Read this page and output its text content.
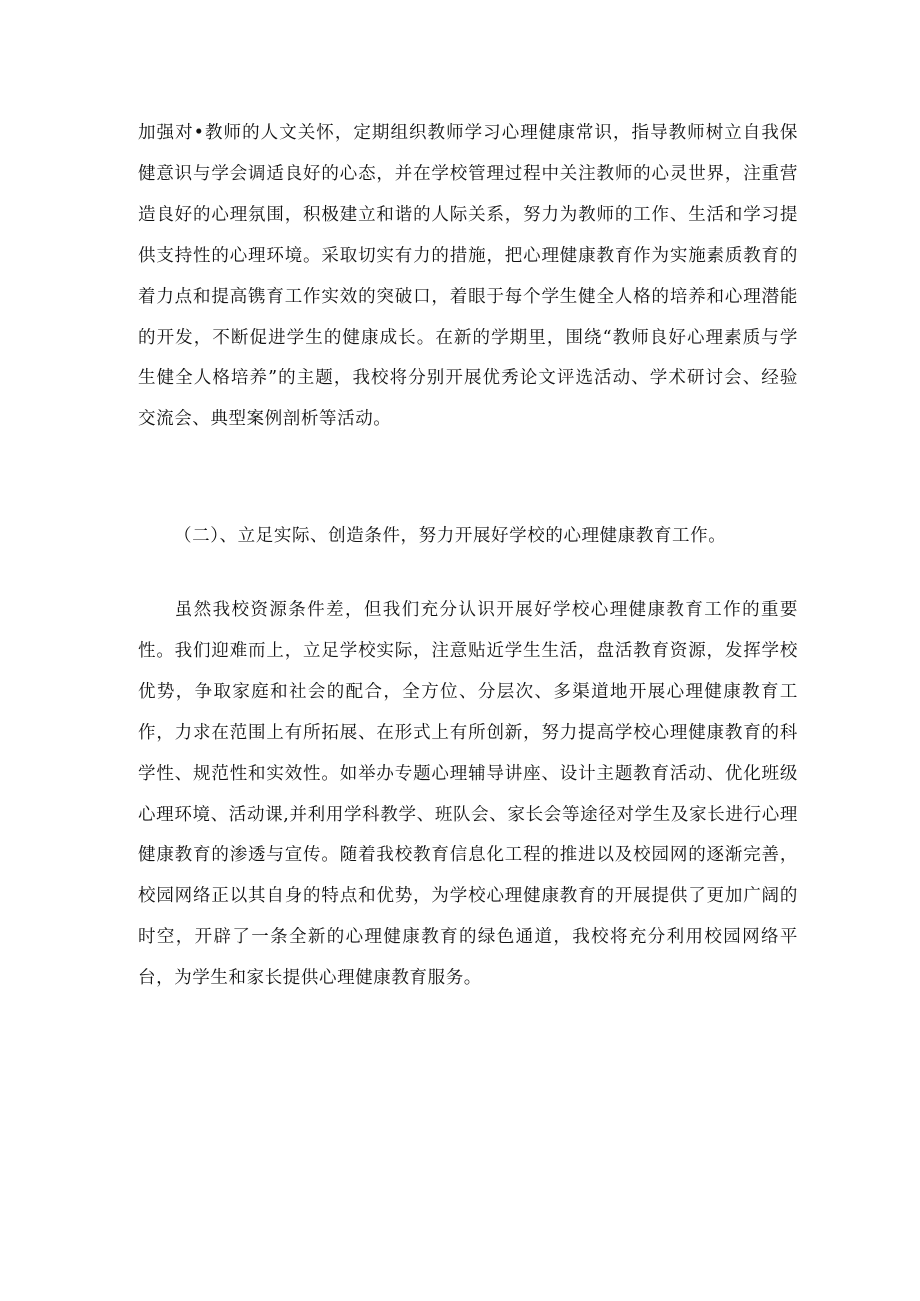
加强对•教师的人文关怀，定期组织教师学习心理健康常识，指导教师树立自我保健意识与学会调适良好的心态，并在学校管理过程中关注教师的心灵世界，注重营造良好的心理氛围，积极建立和谐的人际关系，努力为教师的工作、生活和学习提供支持性的心理环境。采取切实有力的措施，把心理健康教育作为实施素质教育的着力点和提高镌育工作实效的突破口，着眼于每个学生健全人格的培养和心理潜能的开发，不断促进学生的健康成长。在新的学期里，围绕“教师良好心理素质与学生健全人格培养”的主题，我校将分别开展优秀论文评选活动、学术研讨会、经验交流会、典型案例剖析等活动。

（二）、立足实际、创造条件，努力开展好学校的心理健康教育工作。

虽然我校资源条件差，但我们充分认识开展好学校心理健康教育工作的重要性。我们迎难而上，立足学校实际，注意贴近学生生活，盘活教育资源，发挥学校优势，争取家庭和社会的配合，全方位、分层次、多渠道地开展心理健康教育工作，力求在范围上有所拓展、在形式上有所创新，努力提高学校心理健康教育的科学性、规范性和实效性。如举办专题心理辅导讲座、设计主题教育活动、优化班级心理环境、活动课,并利用学科教学、班队会、家长会等途径对学生及家长进行心理健康教育的渗透与宣传。随着我校教育信息化工程的推进以及校园网的逐渐完善，校园网络正以其自身的特点和优势，为学校心理健康教育的开展提供了更加广阔的时空，开辟了一条全新的心理健康教育的绿色通道，我校将充分利用校园网络平台，为学生和家长提供心理健康教育服务。
